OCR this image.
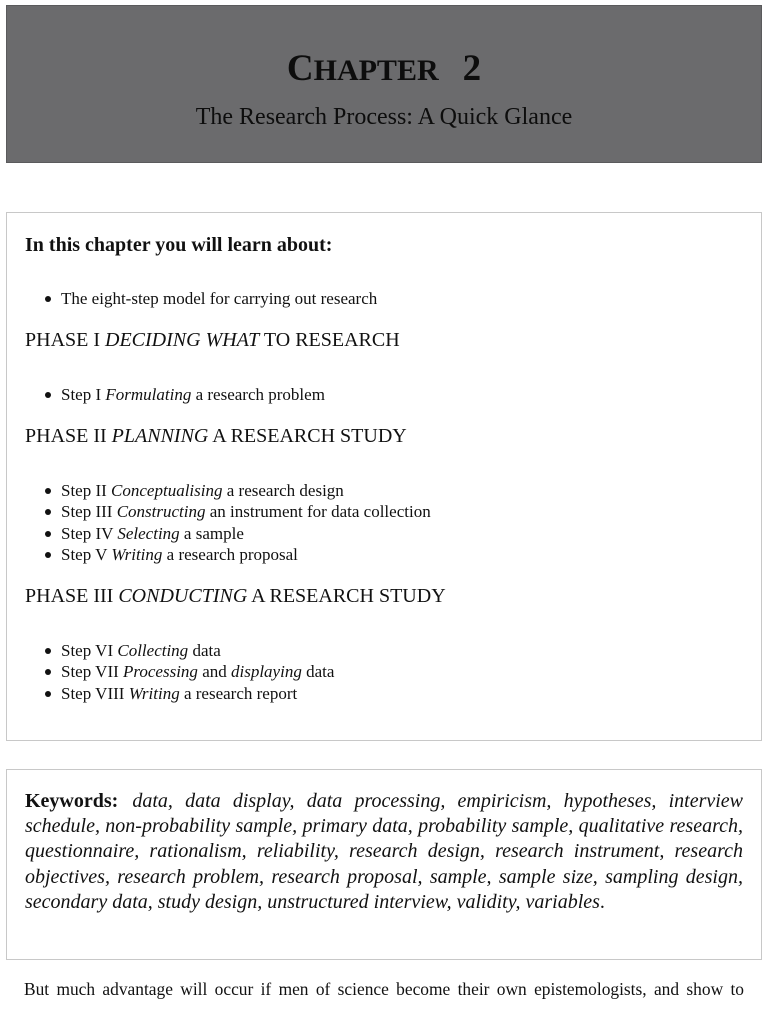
CHAPTER 2
The Research Process: A Quick Glance
In this chapter you will learn about:
The eight-step model for carrying out research
PHASE I DECIDING WHAT TO RESEARCH
Step I Formulating a research problem
PHASE II PLANNING A RESEARCH STUDY
Step II Conceptualising a research design
Step III Constructing an instrument for data collection
Step IV Selecting a sample
Step V Writing a research proposal
PHASE III CONDUCTING A RESEARCH STUDY
Step VI Collecting data
Step VII Processing and displaying data
Step VIII Writing a research report
Keywords: data, data display, data processing, empiricism, hypotheses, interview schedule, non-probability sample, primary data, probability sample, qualitative research, questionnaire, rationalism, reliability, research design, research instrument, research objectives, research problem, research proposal, sample, sample size, sampling design, secondary data, study design, unstructured interview, validity, variables.
But much advantage will occur if men of science become their own epistemologists, and show to
